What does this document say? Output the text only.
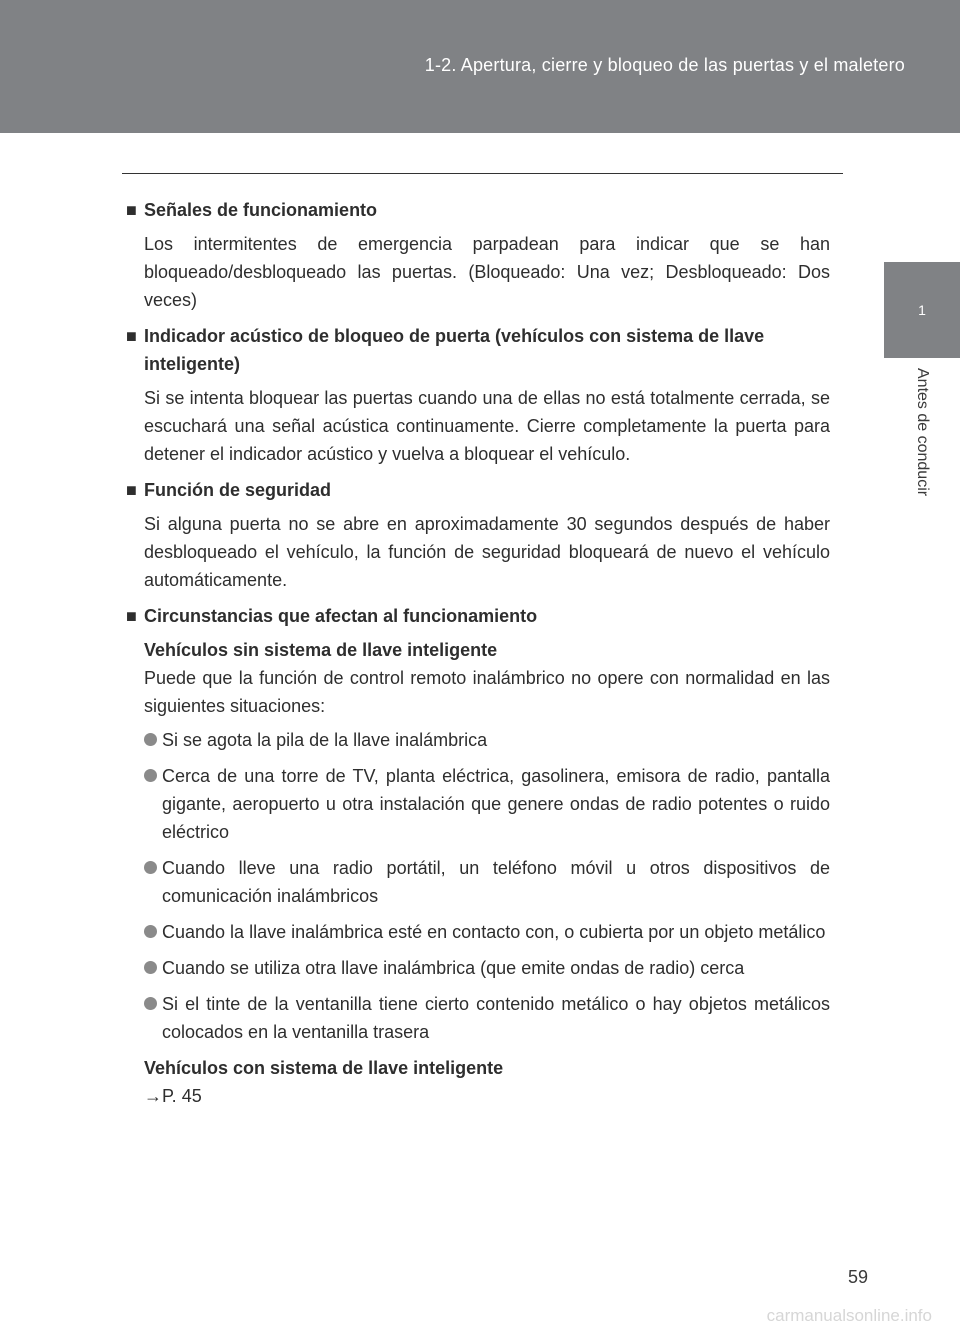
1-2. Apertura, cierre y bloqueo de las puertas y el maletero
1
Antes de conducir
■ Señales de funcionamiento

Los intermitentes de emergencia parpadean para indicar que se han bloqueado/desbloqueado las puertas. (Bloqueado: Una vez; Desbloqueado: Dos veces)

■ Indicador acústico de bloqueo de puerta (vehículos con sistema de llave inteligente)

Si se intenta bloquear las puertas cuando una de ellas no está totalmente cerrada, se escuchará una señal acústica continuamente. Cierre completamente la puerta para detener el indicador acústico y vuelva a bloquear el vehículo.

■ Función de seguridad

Si alguna puerta no se abre en aproximadamente 30 segundos después de haber desbloqueado el vehículo, la función de seguridad bloqueará de nuevo el vehículo automáticamente.

■ Circunstancias que afectan al funcionamiento
Vehículos sin sistema de llave inteligente

Puede que la función de control remoto inalámbrico no opere con normalidad en las siguientes situaciones:

Si se agota la pila de la llave inalámbrica
Cerca de una torre de TV, planta eléctrica, gasolinera, emisora de radio, pantalla gigante, aeropuerto u otra instalación que genere ondas de radio potentes o ruido eléctrico
Cuando lleve una radio portátil, un teléfono móvil u otros dispositivos de comunicación inalámbricos
Cuando la llave inalámbrica esté en contacto con, o cubierta por un objeto metálico
Cuando se utiliza otra llave inalámbrica (que emite ondas de radio) cerca
Si el tinte de la ventanilla tiene cierto contenido metálico o hay objetos metálicos colocados en la ventanilla trasera
Vehículos con sistema de llave inteligente
→P. 45
59
carmanualsonline.info
